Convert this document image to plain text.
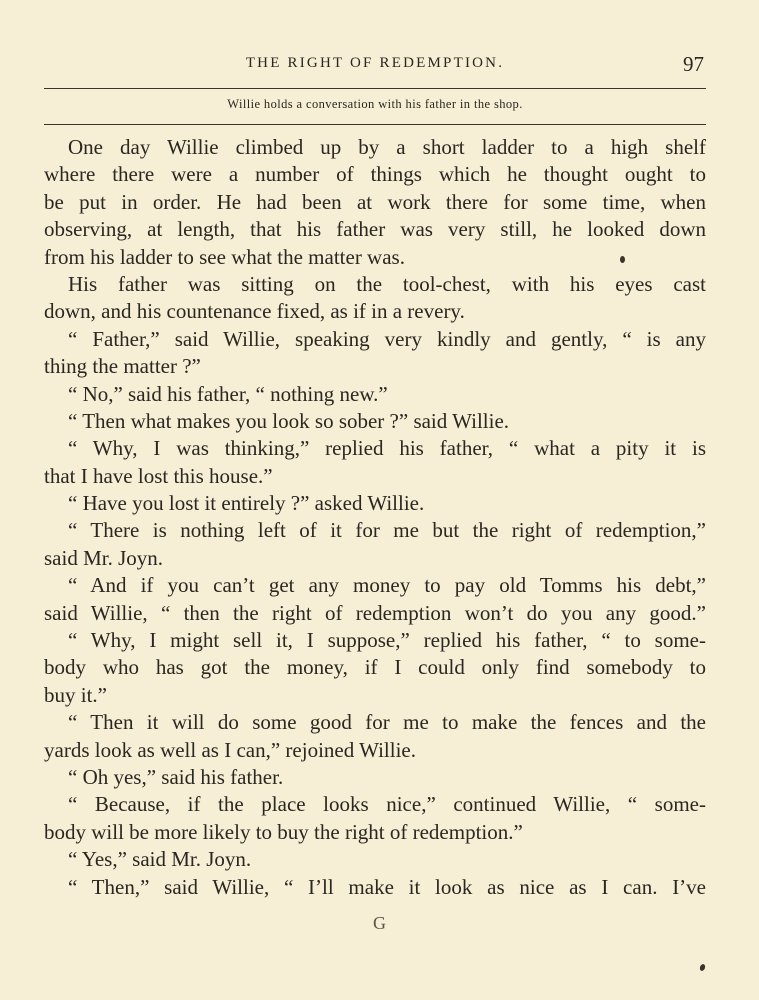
THE RIGHT OF REDEMPTION.	97
Willie holds a conversation with his father in the shop.
One day Willie climbed up by a short ladder to a high shelf
where there were a number of things which he thought ought to
be put in order. He had been at work there for some time, when
observing, at length, that his father was very still, he looked down
from his ladder to see what the matter was.
His father was sitting on the tool-chest, with his eyes cast
down, and his countenance fixed, as if in a revery.
“ Father,” said Willie, speaking very kindly and gently, “ is any
thing the matter ?”
“ No,” said his father, “ nothing new.”
“ Then what makes you look so sober ?” said Willie.
“ Why, I was thinking,” replied his father, “ what a pity it is
that I have lost this house.”
“ Have you lost it entirely ?” asked Willie.
“ There is nothing left of it for me but the right of redemption,”
said Mr. Joyn.
“ And if you can’t get any money to pay old Tomms his debt,”
said Willie, “ then the right of redemption won’t do you any good.”
“ Why, I might sell it, I suppose,” replied his father, “ to some-
body who has got the money, if I could only find somebody to
buy it.”
“ Then it will do some good for me to make the fences and the
yards look as well as I can,” rejoined Willie.
“ Oh yes,” said his father.
“ Because, if the place looks nice,” continued Willie, “ some-
body will be more likely to buy the right of redemption.”
“ Yes,” said Mr. Joyn.
“ Then,” said Willie, “ I’ll make it look as nice as I can. I’ve
G
